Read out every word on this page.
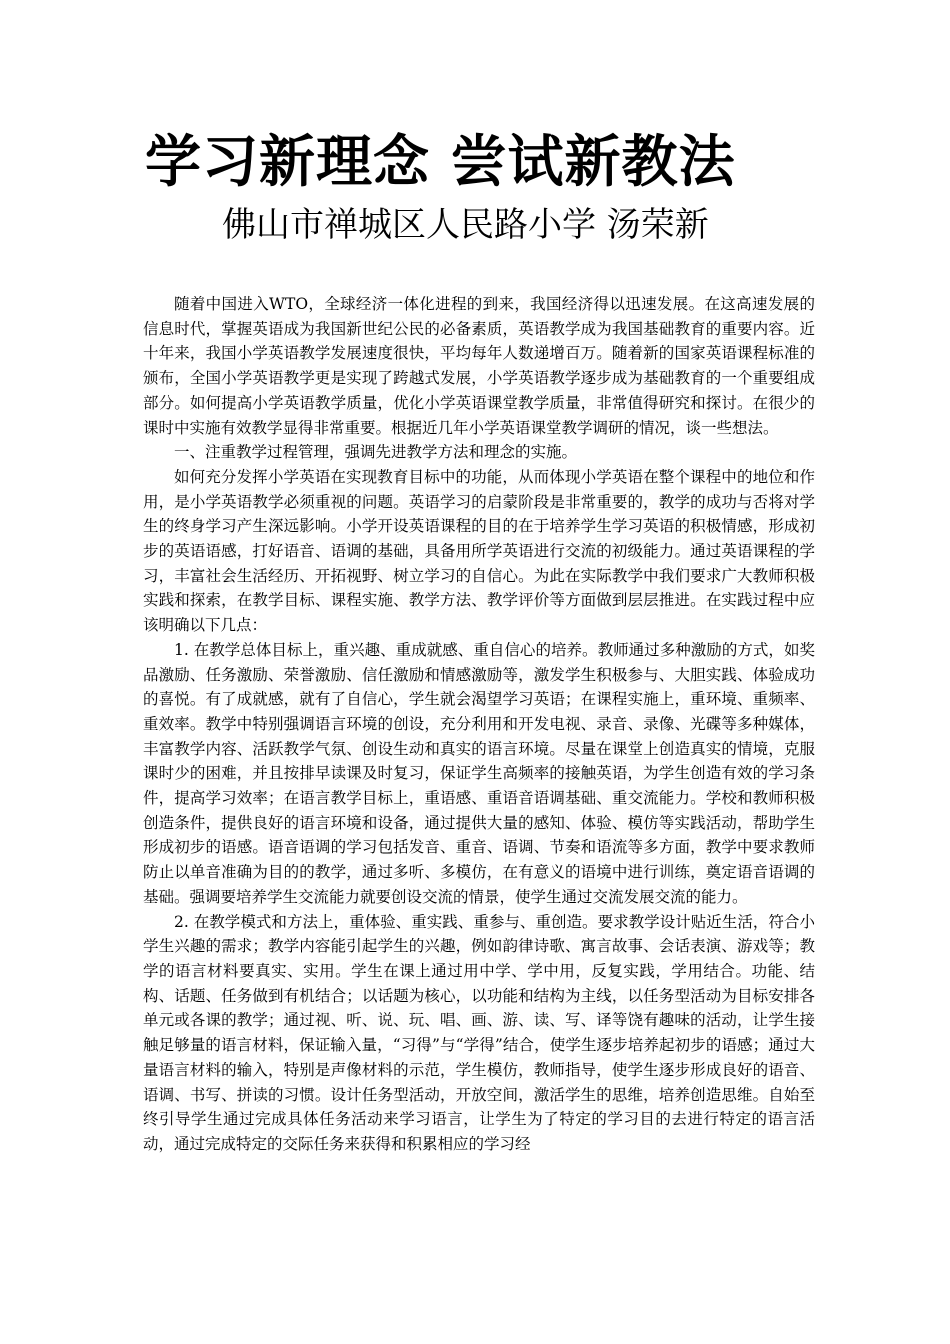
学习新理念 尝试新教法
佛山市禅城区人民路小学 汤荣新

随着中国进入WTO，全球经济一体化进程的到来，我国经济得以迅速发展。在这高速发展的信息时代，掌握英语成为我国新世纪公民的必备素质，英语教学成为我国基础教育的重要内容。近十年来，我国小学英语教学发展速度很快，平均每年人数递增百万。随着新的国家英语课程标准的颁布，全国小学英语教学更是实现了跨越式发展，小学英语教学逐步成为基础教育的一个重要组成部分。如何提高小学英语教学质量，优化小学英语课堂教学质量，非常值得研究和探讨。在很少的课时中实施有效教学显得非常重要。根据近几年小学英语课堂教学调研的情况，谈一些想法。

一、注重教学过程管理，强调先进教学方法和理念的实施。

如何充分发挥小学英语在实现教育目标中的功能，从而体现小学英语在整个课程中的地位和作用，是小学英语教学必须重视的问题。英语学习的启蒙阶段是非常重要的，教学的成功与否将对学生的终身学习产生深远影响。小学开设英语课程的目的在于培养学生学习英语的积极情感，形成初步的英语语感，打好语音、语调的基础，具备用所学英语进行交流的初级能力。通过英语课程的学习，丰富社会生活经历、开拓视野、树立学习的自信心。为此在实际教学中我们要求广大教师积极实践和探索，在教学目标、课程实施、教学方法、教学评价等方面做到层层推进。在实践过程中应该明确以下几点：

1. 在教学总体目标上，重兴趣、重成就感、重自信心的培养。教师通过多种激励的方式，如奖品激励、任务激励、荣誉激励、信任激励和情感激励等，激发学生积极参与、大胆实践、体验成功的喜悦。有了成就感，就有了自信心，学生就会渴望学习英语；在课程实施上，重环境、重频率、重效率。教学中特别强调语言环境的创设，充分利用和开发电视、录音、录像、光碟等多种媒体，丰富教学内容、活跃教学气氛、创设生动和真实的语言环境。尽量在课堂上创造真实的情境，克服课时少的困难，并且按排早读课及时复习，保证学生高频率的接触英语，为学生创造有效的学习条件，提高学习效率；在语言教学目标上，重语感、重语音语调基础、重交流能力。学校和教师积极创造条件，提供良好的语言环境和设备，通过提供大量的感知、体验、模仿等实践活动，帮助学生形成初步的语感。语音语调的学习包括发音、重音、语调、节奏和语流等多方面，教学中要求教师防止以单音准确为目的的教学，通过多听、多模仿，在有意义的语境中进行训练，奠定语音语调的基础。强调要培养学生交流能力就要创设交流的情景，使学生通过交流发展交流的能力。

2. 在教学模式和方法上，重体验、重实践、重参与、重创造。要求教学设计贴近生活，符合小学生兴趣的需求；教学内容能引起学生的兴趣，例如韵律诗歌、寓言故事、会话表演、游戏等；教学的语言材料要真实、实用。学生在课上通过用中学、学中用，反复实践，学用结合。功能、结构、话题、任务做到有机结合；以话题为核心，以功能和结构为主线，以任务型活动为目标安排各单元或各课的教学；通过视、听、说、玩、唱、画、游、读、写、译等饶有趣味的活动，让学生接触足够量的语言材料，保证输入量，“习得”与“学得”结合，使学生逐步培养起初步的语感；通过大量语言材料的输入，特别是声像材料的示范，学生模仿，教师指导，使学生逐步形成良好的语音、语调、书写、拼读的习惯。设计任务型活动，开放空间，激活学生的思维，培养创造思维。自始至终引导学生通过完成具体任务活动来学习语言，让学生为了特定的学习目的去进行特定的语言活动，通过完成特定的交际任务来获得和积累相应的学习经
